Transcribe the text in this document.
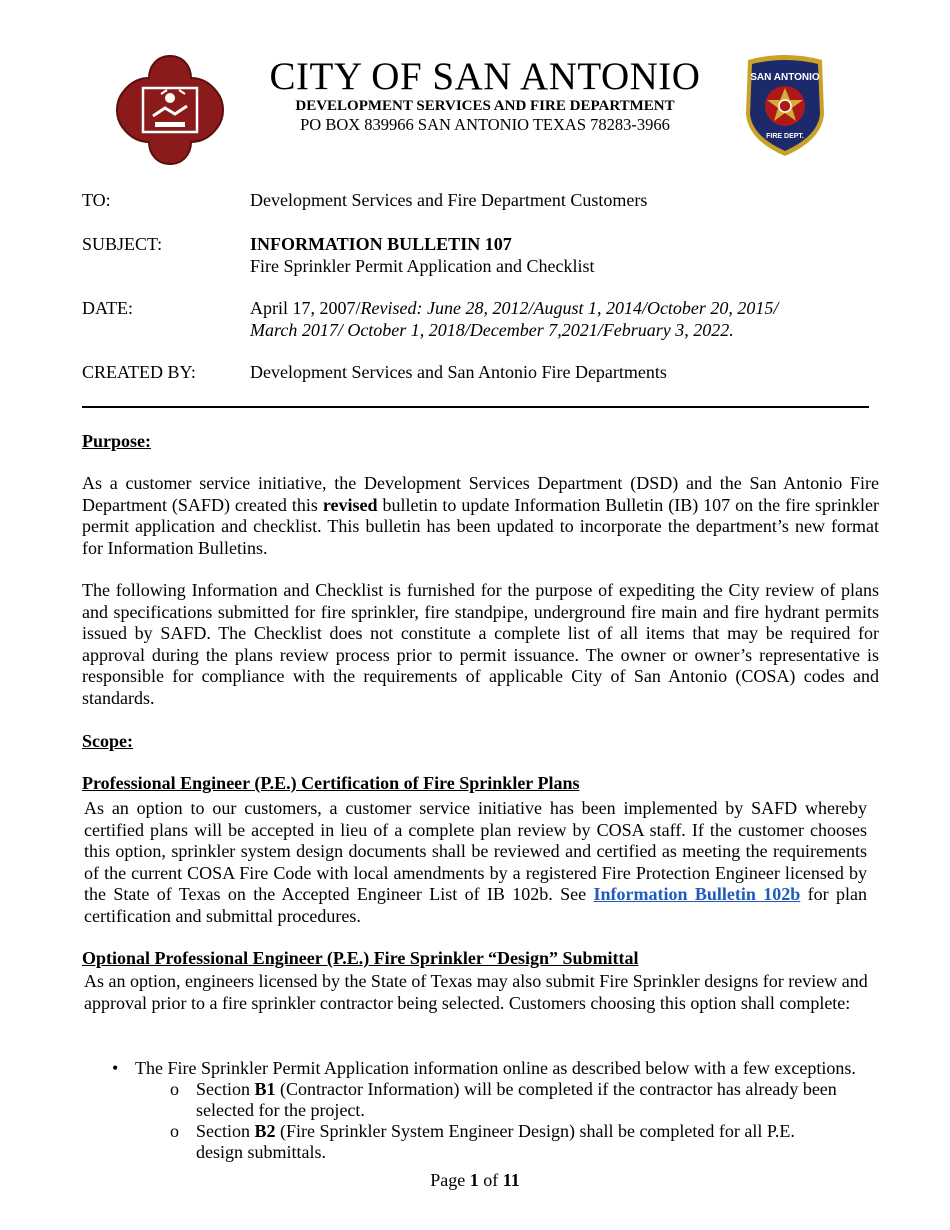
CITY OF SAN ANTONIO
DEVELOPMENT SERVICES AND FIRE DEPARTMENT
PO BOX 839966 SAN ANTONIO TEXAS 78283-3966
SAN ANTONIO
FIRE DEPT.
TO:	Development Services and Fire Department Customers
SUBJECT:	INFORMATION BULLETIN 107
Fire Sprinkler Permit Application and Checklist
DATE:	April 17, 2007/Revised: June 28, 2012/August 1, 2014/October 20, 2015/
March 2017/ October 1, 2018/December 7,2021/February 3, 2022.
CREATED BY:	Development Services and San Antonio Fire Departments
Purpose:
As a customer service initiative, the Development Services Department (DSD) and the San Antonio Fire Department (SAFD) created this revised bulletin to update Information Bulletin (IB) 107 on the fire sprinkler permit application and checklist. This bulletin has been updated to incorporate the department’s new format for Information Bulletins.
The following Information and Checklist is furnished for the purpose of expediting the City review of plans and specifications submitted for fire sprinkler, fire standpipe, underground fire main and fire hydrant permits issued by SAFD. The Checklist does not constitute a complete list of all items that may be required for approval during the plans review process prior to permit issuance. The owner or owner’s representative is responsible for compliance with the requirements of applicable City of San Antonio (COSA) codes and standards.
Scope:
Professional Engineer (P.E.) Certification of Fire Sprinkler Plans
As an option to our customers, a customer service initiative has been implemented by SAFD whereby certified plans will be accepted in lieu of a complete plan review by COSA staff. If the customer chooses this option, sprinkler system design documents shall be reviewed and certified as meeting the requirements of the current COSA Fire Code with local amendments by a registered Fire Protection Engineer licensed by the State of Texas on the Accepted Engineer List of IB 102b. See Information Bulletin 102b for plan certification and submittal procedures.
Optional Professional Engineer (P.E.) Fire Sprinkler “Design” Submittal
As an option, engineers licensed by the State of Texas may also submit Fire Sprinkler designs for review and approval prior to a fire sprinkler contractor being selected. Customers choosing this option shall complete:
• The Fire Sprinkler Permit Application information online as described below with a few exceptions.
o Section B1 (Contractor Information) will be completed if the contractor has already been selected for the project.
o Section B2 (Fire Sprinkler System Engineer Design) shall be completed for all P.E. design submittals.
Page 1 of 11
